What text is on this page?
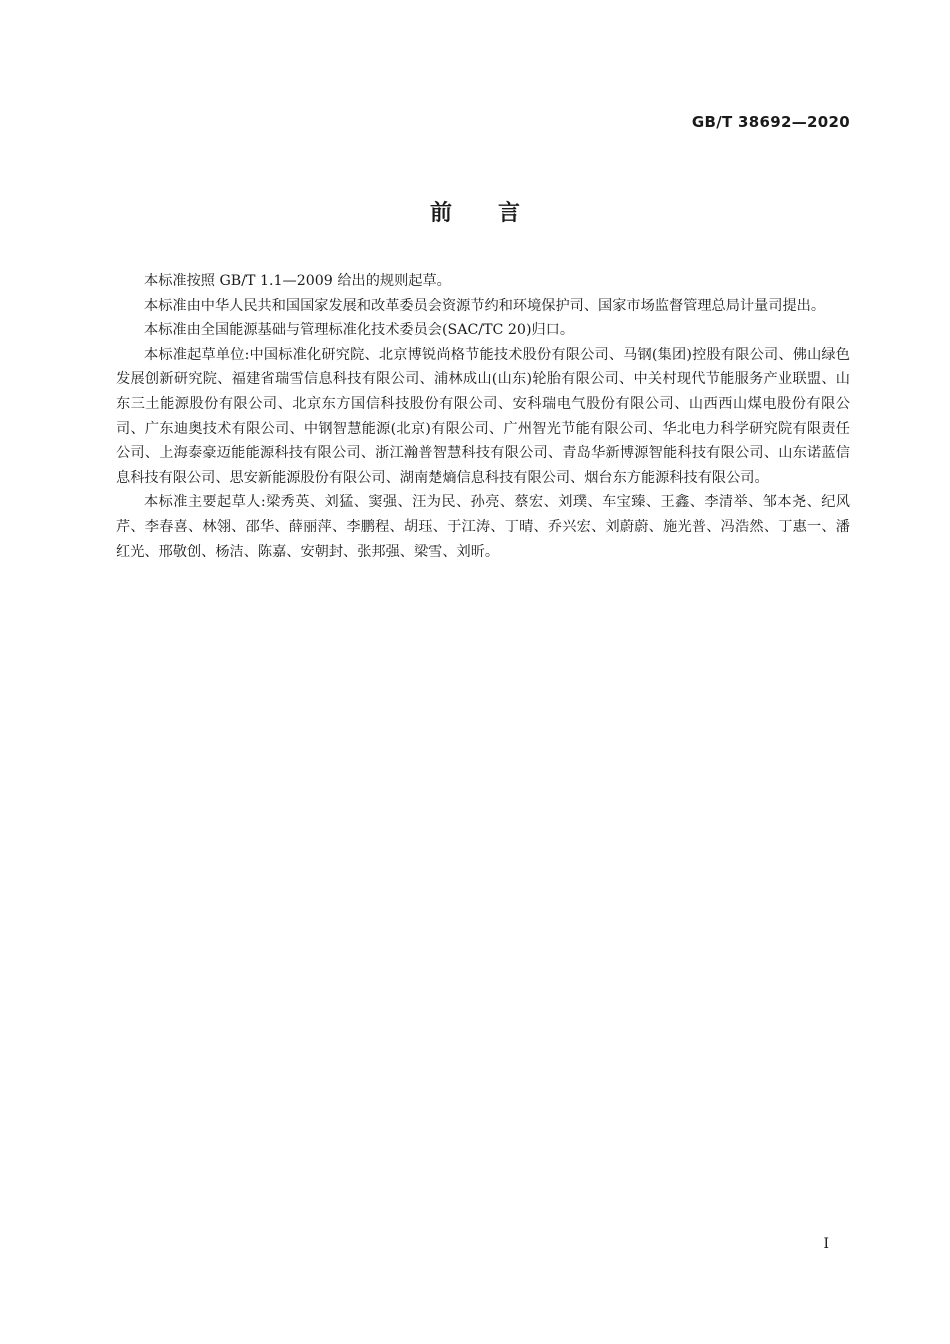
GB/T 38692—2020
前 言

本标准按照 GB/T 1.1—2009 给出的规则起草。

本标准由中华人民共和国国家发展和改革委员会资源节约和环境保护司、国家市场监督管理总局计量司提出。

本标准由全国能源基础与管理标准化技术委员会(SAC/TC 20)归口。

本标准起草单位:中国标准化研究院、北京博锐尚格节能技术股份有限公司、马钢(集团)控股有限公司、佛山绿色发展创新研究院、福建省瑞雪信息科技有限公司、浦林成山(山东)轮胎有限公司、中关村现代节能服务产业联盟、山东三土能源股份有限公司、北京东方国信科技股份有限公司、安科瑞电气股份有限公司、山西西山煤电股份有限公司、广东迪奥技术有限公司、中钢智慧能源(北京)有限公司、广州智光节能有限公司、华北电力科学研究院有限责任公司、上海泰豪迈能能源科技有限公司、浙江瀚普智慧科技有限公司、青岛华新博源智能科技有限公司、山东诺蓝信息科技有限公司、思安新能源股份有限公司、湖南楚熵信息科技有限公司、烟台东方能源科技有限公司。

本标准主要起草人:梁秀英、刘猛、窦强、汪为民、孙亮、蔡宏、刘璞、车宝臻、王鑫、李清举、邹本尧、纪风芹、李春喜、林翎、邵华、薛丽萍、李鹏程、胡珏、于江涛、丁晴、乔兴宏、刘蔚蔚、施光普、冯浩然、丁惠一、潘红光、邢敬创、杨洁、陈嘉、安朝封、张邦强、梁雪、刘昕。

I
